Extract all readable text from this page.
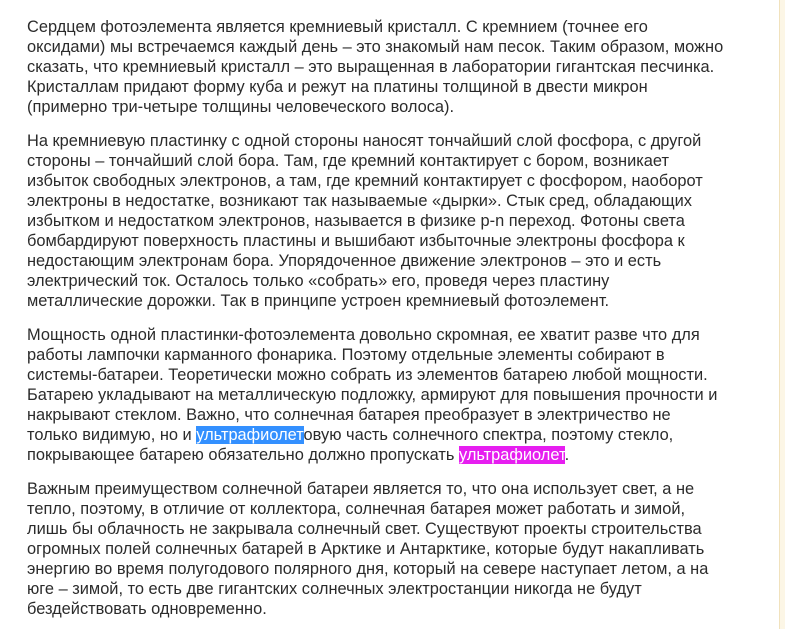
Сердцем фотоэлемента является кремниевый кристалл. С кремнием (точнее его
оксидами) мы встречаемся каждый день – это знакомый нам песок. Таким образом, можно
сказать, что кремниевый кристалл – это выращенная в лаборатории гигантская песчинка.
Кристаллам придают форму куба и режут на платины толщиной в двести микрон
(примерно три-четыре толщины человеческого волоса).

На кремниевую пластинку с одной стороны наносят тончайший слой фосфора, с другой
стороны – тончайший слой бора. Там, где кремний контактирует с бором, возникает
избыток свободных электронов, а там, где кремний контактирует с фосфором, наоборот
электроны в недостатке, возникают так называемые «дырки». Стык сред, обладающих
избытком и недостатком электронов, называется в физике p-n переход. Фотоны света
бомбардируют поверхность пластины и вышибают избыточные электроны фосфора к
недостающим электронам бора. Упорядоченное движение электронов – это и есть
электрический ток. Осталось только «собрать» его, проведя через пластину
металлические дорожки. Так в принципе устроен кремниевый фотоэлемент.

Мощность одной пластинки-фотоэлемента довольно скромная, ее хватит разве что для
работы лампочки карманного фонарика. Поэтому отдельные элементы собирают в
системы-батареи. Теоретически можно собрать из элементов батарею любой мощности.
Батарею укладывают на металлическую подложку, армируют для повышения прочности и
накрывают стеклом. Важно, что солнечная батарея преобразует в электричество не
только видимую, но и ультрафиолетовую часть солнечного спектра, поэтому стекло,
покрывающее батарею обязательно должно пропускать ультрафиолет.

Важным преимуществом солнечной батареи является то, что она использует свет, а не
тепло, поэтому, в отличие от коллектора, солнечная батарея может работать и зимой,
лишь бы облачность не закрывала солнечный свет. Существуют проекты строительства
огромных полей солнечных батарей в Арктике и Антарктике, которые будут накапливать
энергию во время полугодового полярного дня, который на севере наступает летом, а на
юге – зимой, то есть две гигантских солнечных электростанции никогда не будут
бездействовать одновременно.
